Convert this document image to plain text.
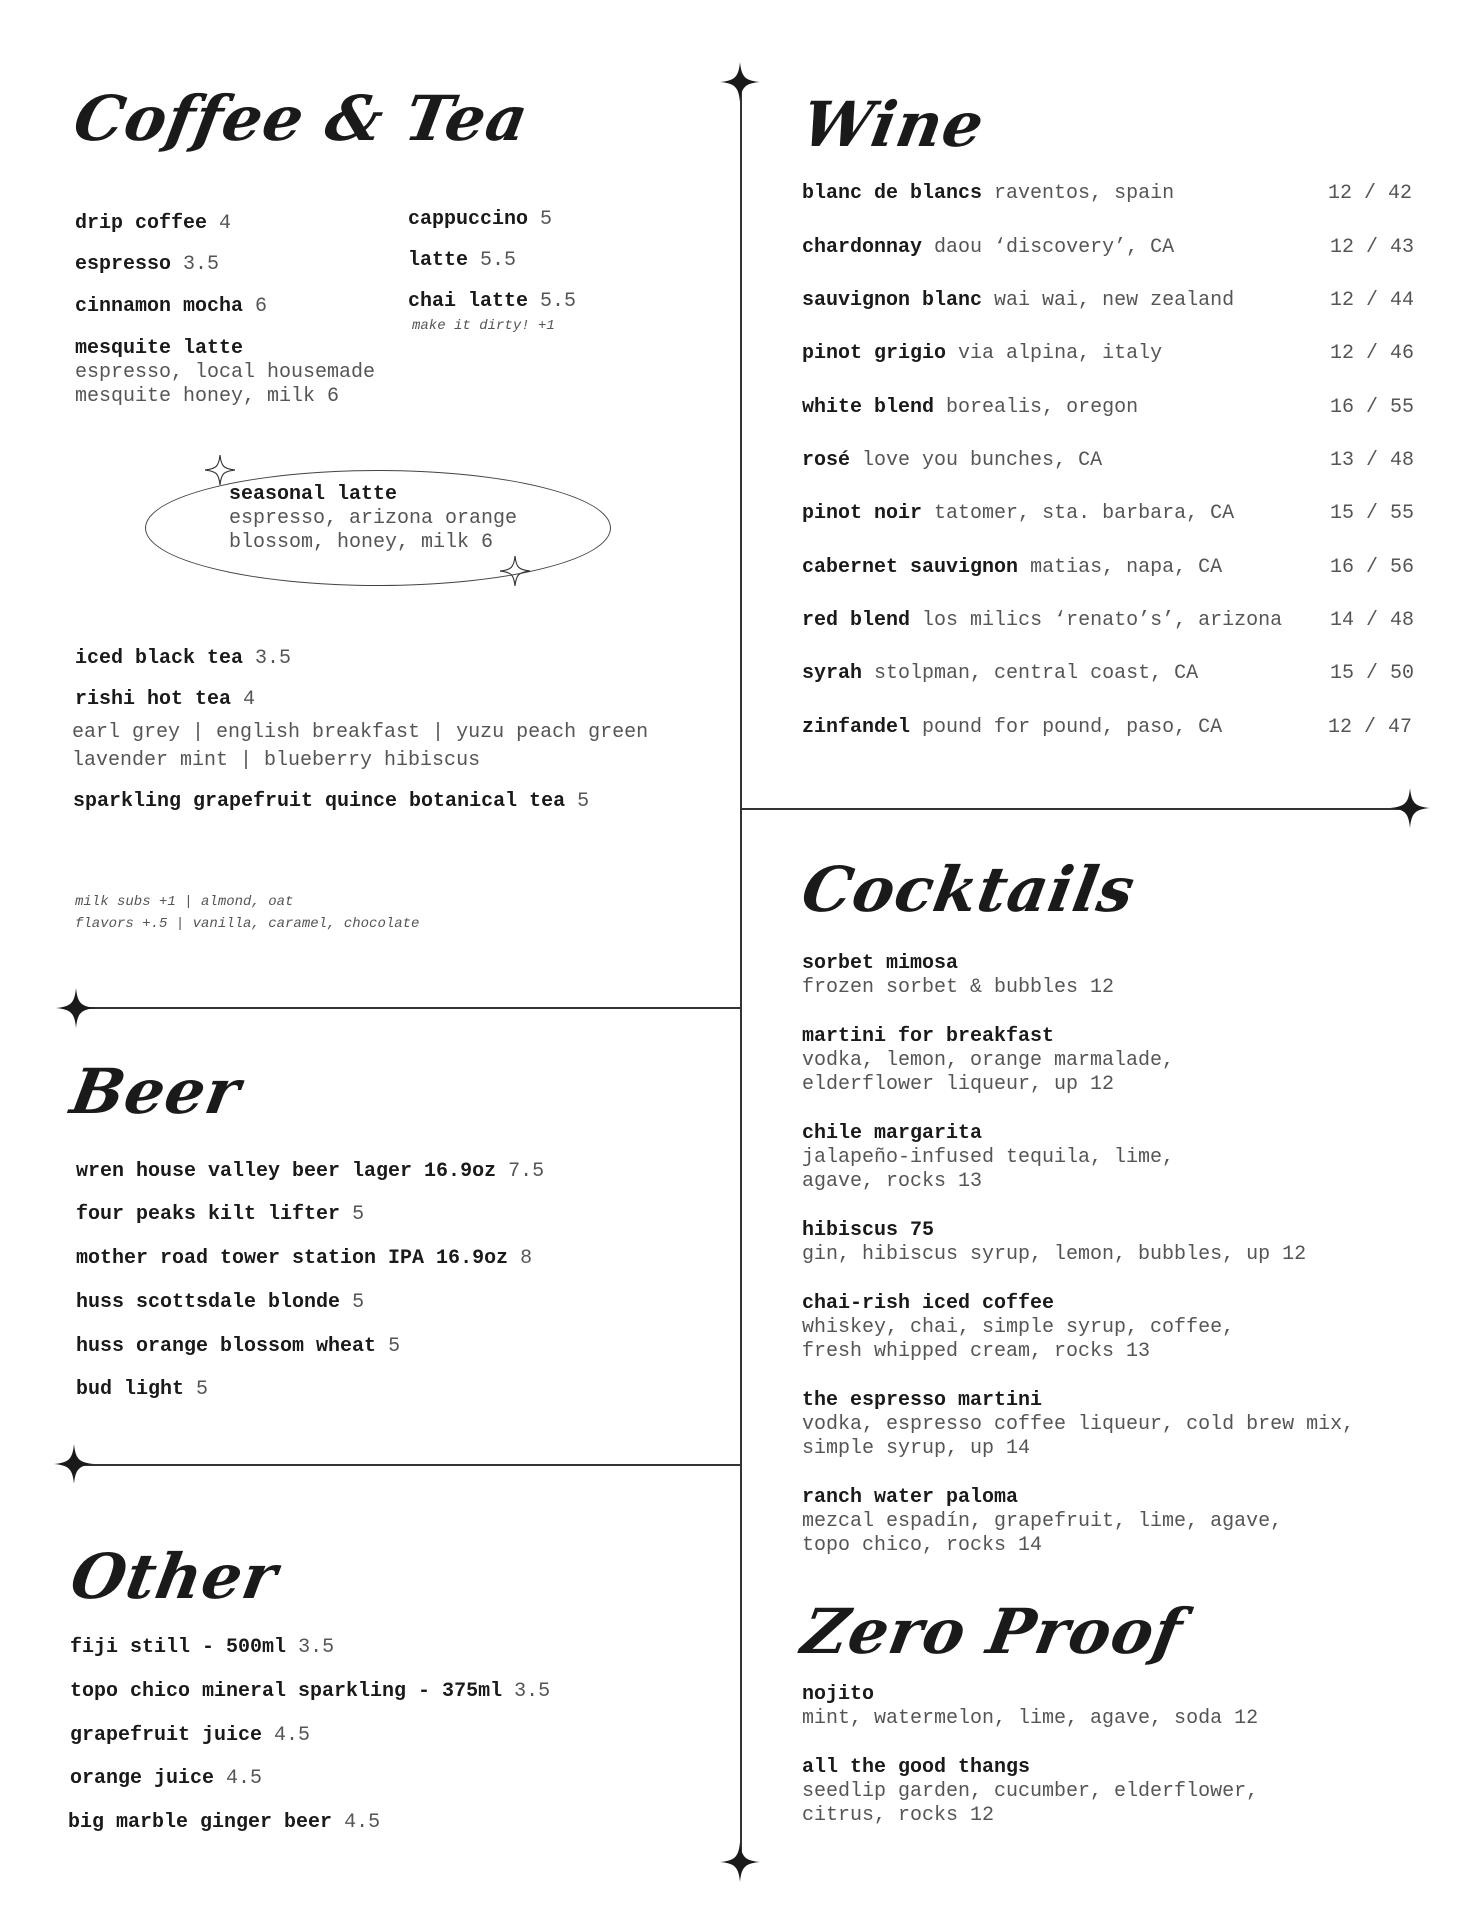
Coffee & Tea
drip coffee 4
espresso 3.5
cinnamon mocha 6
mesquite latte
espresso, local housemade
mesquite honey, milk 6
cappuccino 5
latte 5.5
chai latte 5.5
make it dirty! +1
seasonal latte
espresso, arizona orange
blossom, honey, milk 6
iced black tea 3.5
rishi hot tea 4
earl grey | english breakfast | yuzu peach green
lavender mint | blueberry hibiscus
sparkling grapefruit quince botanical tea 5
milk subs +1 | almond, oat
flavors +.5 | vanilla, caramel, chocolate
Beer
wren house valley beer lager 16.9oz 7.5
four peaks kilt lifter 5
mother road tower station IPA 16.9oz 8
huss scottsdale blonde 5
huss orange blossom wheat 5
bud light 5
Other
fiji still - 500ml 3.5
topo chico mineral sparkling - 375ml 3.5
grapefruit juice 4.5
orange juice 4.5
big marble ginger beer 4.5
Wine
blanc de blancs raventos, spain	12 / 42
chardonnay daou ‘discovery’, CA	12 / 43
sauvignon blanc wai wai, new zealand	12 / 44
pinot grigio via alpina, italy	12 / 46
white blend borealis, oregon	16 / 55
rosé love you bunches, CA	13 / 48
pinot noir tatomer, sta. barbara, CA	15 / 55
cabernet sauvignon matias, napa, CA	16 / 56
red blend los milics ‘renato’s’, arizona 14 / 48
syrah stolpman, central coast, CA	15 / 50
zinfandel pound for pound, paso, CA	12 / 47
Cocktails
sorbet mimosa
frozen sorbet & bubbles 12
martini for breakfast
vodka, lemon, orange marmalade,
elderflower liqueur, up 12
chile margarita
jalapeño-infused tequila, lime,
agave, rocks 13
hibiscus 75
gin, hibiscus syrup, lemon, bubbles, up 12
chai-rish iced coffee
whiskey, chai, simple syrup, coffee,
fresh whipped cream, rocks 13
the espresso martini
vodka, espresso coffee liqueur, cold brew mix,
simple syrup, up 14
ranch water paloma
mezcal espadín, grapefruit, lime, agave,
topo chico, rocks 14
Zero Proof
nojito
mint, watermelon, lime, agave, soda 12
all the good thangs
seedlip garden, cucumber, elderflower,
citrus, rocks 12
